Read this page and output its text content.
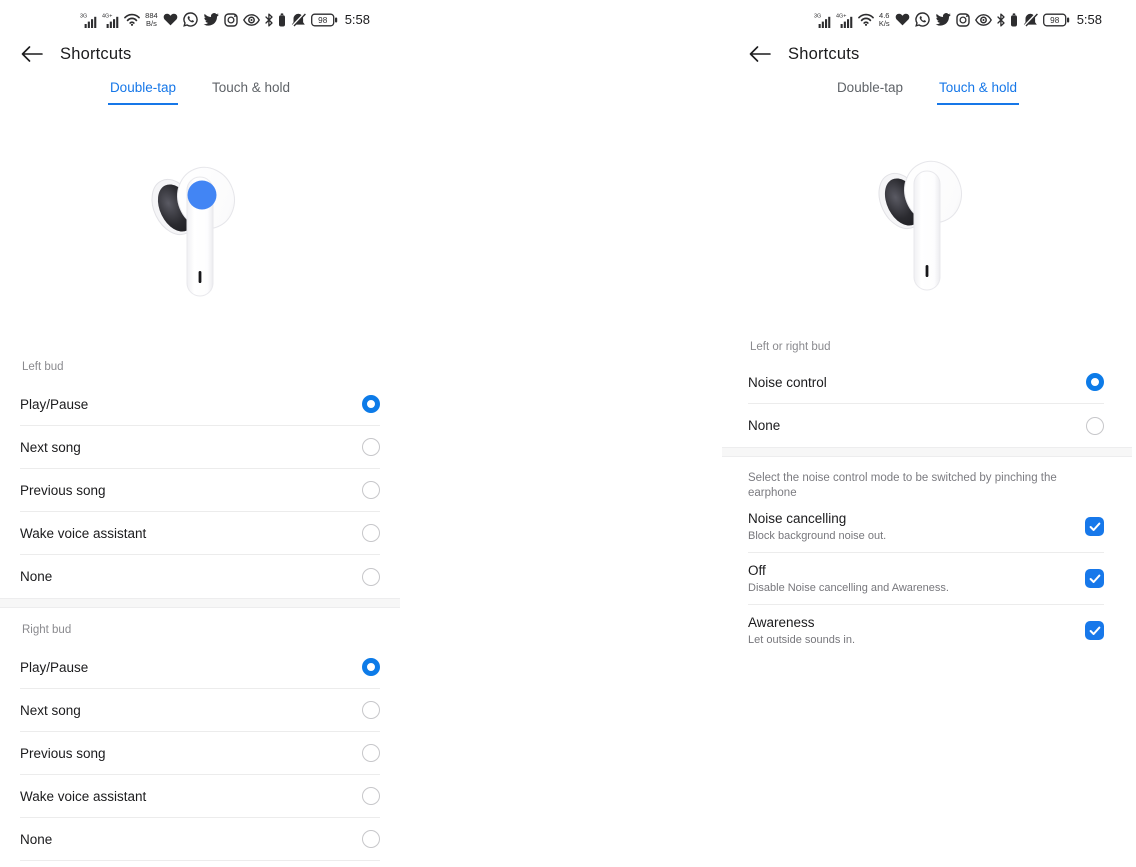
3G	4G+	884
B/s	98 5:58
Shortcuts
Double-tap	Touch & hold
Left bud
Play/Pause
Next song
Previous song
Wake voice assistant
None
Right bud
Play/Pause
Next song
Previous song
Wake voice assistant
None
3G	4G+	4.6
K/s	98 5:58
Shortcuts
Double-tap	Touch & hold
Left or right bud
Noise control
None
Select the noise control mode to be switched by pinching the earphone
Noise cancelling
Block background noise out.
Off
Disable Noise cancelling and Awareness.
Awareness
Let outside sounds in.
